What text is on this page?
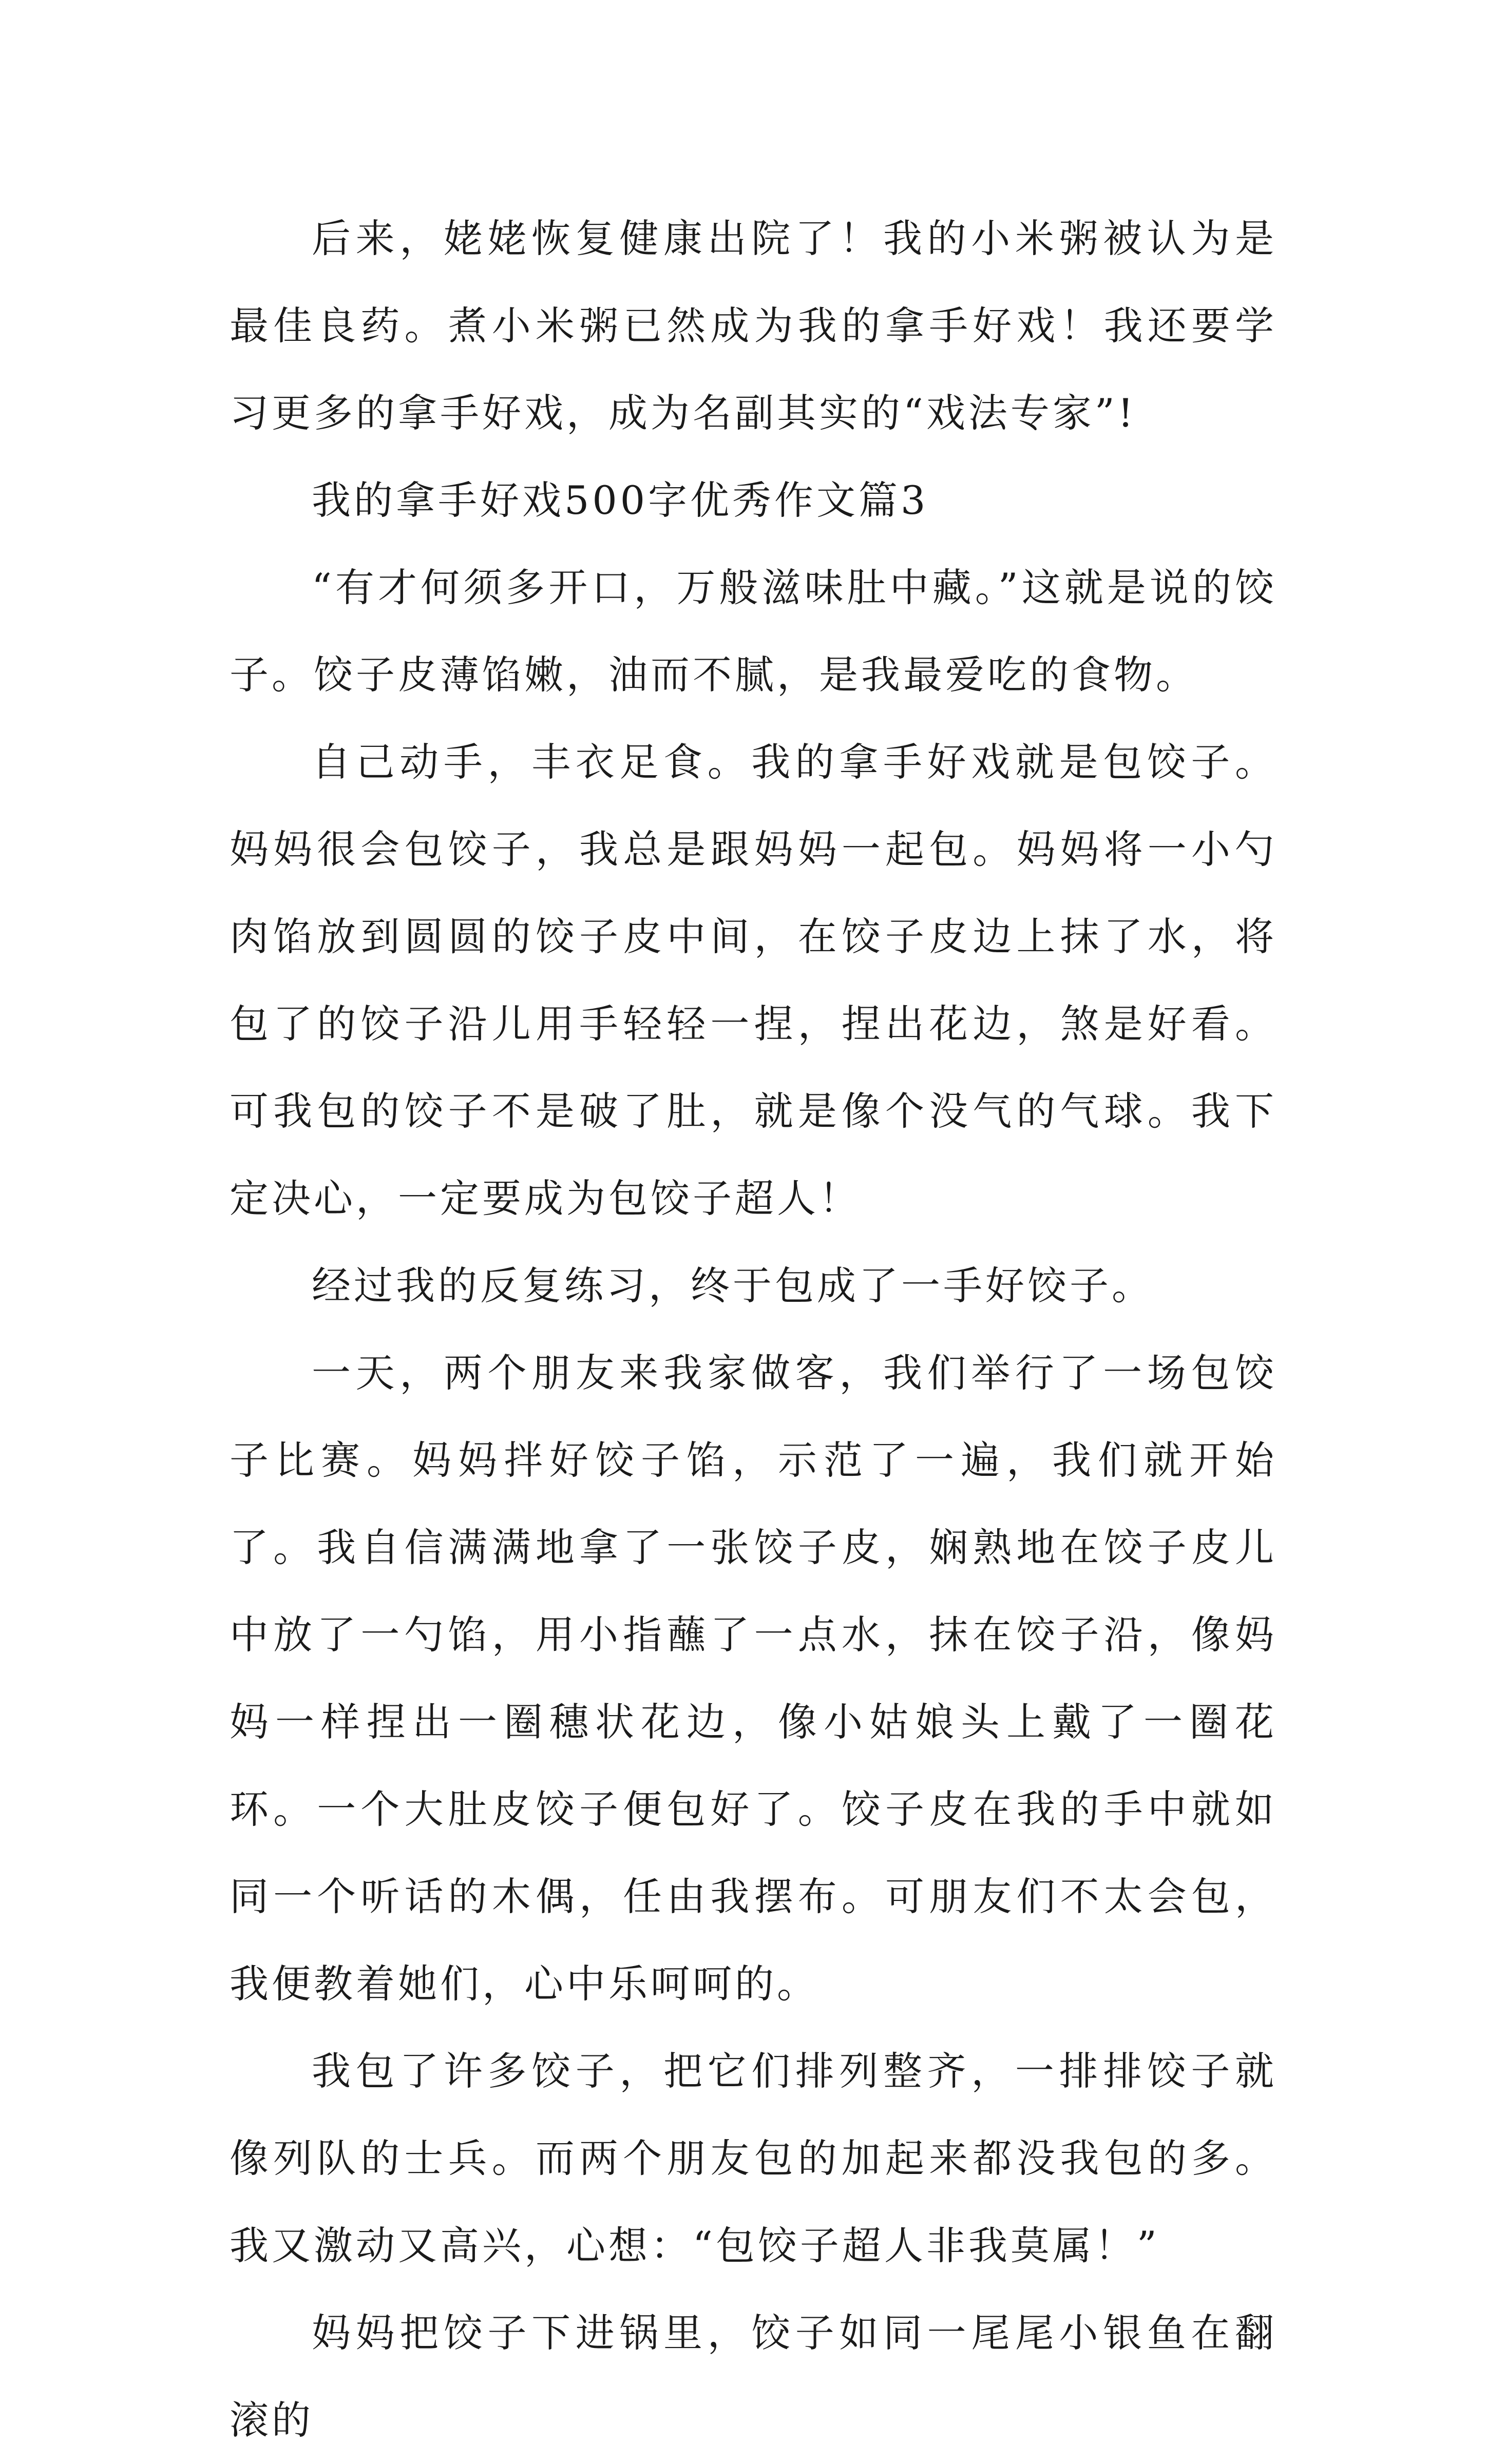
后来，姥姥恢复健康出院了！我的小米粥被认为是最佳良药。煮小米粥已然成为我的拿手好戏！我还要学习更多的拿手好戏，成为名副其实的“戏法专家”!

我的拿手好戏500字优秀作文篇3

“有才何须多开口，万般滋味肚中藏。”这就是说的饺子。饺子皮薄馅嫩，油而不腻，是我最爱吃的食物。

自己动手，丰衣足食。我的拿手好戏就是包饺子。妈妈很会包饺子，我总是跟妈妈一起包。妈妈将一小勺肉馅放到圆圆的饺子皮中间，在饺子皮边上抹了水，将包了的饺子沿儿用手轻轻一捏，捏出花边，煞是好看。可我包的饺子不是破了肚，就是像个没气的气球。我下定决心，一定要成为包饺子超人！

经过我的反复练习，终于包成了一手好饺子。

一天，两个朋友来我家做客，我们举行了一场包饺子比赛。妈妈拌好饺子馅，示范了一遍，我们就开始了。我自信满满地拿了一张饺子皮，娴熟地在饺子皮儿中放了一勺馅，用小指蘸了一点水，抹在饺子沿，像妈妈一样捏出一圈穗状花边，像小姑娘头上戴了一圈花环。一个大肚皮饺子便包好了。饺子皮在我的手中就如同一个听话的木偶，任由我摆布。可朋友们不太会包，我便教着她们，心中乐呵呵的。

我包了许多饺子，把它们排列整齐，一排排饺子就像列队的士兵。而两个朋友包的加起来都没我包的多。我又激动又高兴，心想：“包饺子超人非我莫属！”

妈妈把饺子下进锅里，饺子如同一尾尾小银鱼在翻滚的
